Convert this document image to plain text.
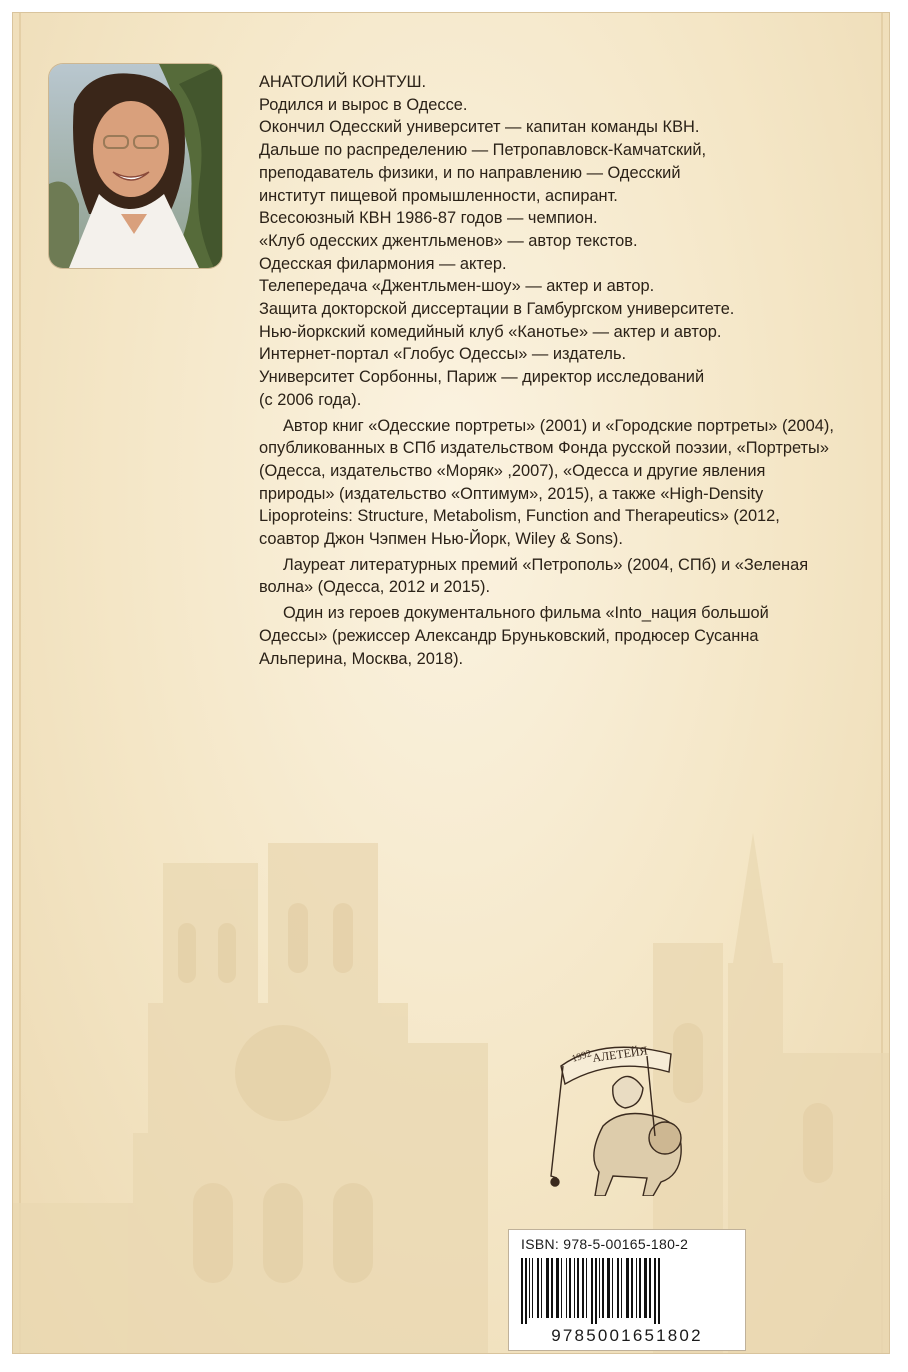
АНАТОЛИЙ КОНТУШ.

Родился и вырос в Одессе.

Окончил Одесский университет — капитан команды КВН.

Дальше по распределению — Петропавловск-Камчатский,

преподаватель физики, и по направлению — Одесский

институт пищевой промышленности, аспирант.

Всесоюзный КВН 1986-87 годов — чемпион.

«Клуб одесских джентльменов» — автор текстов.

Одесская филармония — актер.

Телепередача «Джентльмен-шоу» — актер и автор.

Защита докторской диссертации в Гамбургском университете.

Нью-йоркский комедийный клуб «Канотье» — актер и автор.

Интернет-портал «Глобус Одессы» — издатель.

Университет Сорбонны, Париж — директор исследований

(с 2006 года).

Автор книг «Одесские портреты» (2001) и «Городские портреты» (2004), опубликованных в СПб издательством Фонда русской поэзии, «Портреты» (Одесса, издательство «Моряк» ,2007), «Одесса и другие явления природы» (издательство «Оптимум», 2015), а также «High-Density Lipoproteins: Structure, Metabolism, Function and Therapeutics» (2012, соавтор Джон Чэпмен Нью-Йорк, Wiley & Sons).

Лауреат литературных премий «Петрополь» (2004, СПб) и «Зеленая волна» (Одесса, 2012 и 2015).

Один из героев документального фильма «Into_нация большой Одессы» (режиссер Александр Бруньковский, продюсер Сусанна Альперина, Москва, 2018).

1992
АЛЕТЕЙЯ
ISBN: 978-5-00165-180-2
9785001651802
